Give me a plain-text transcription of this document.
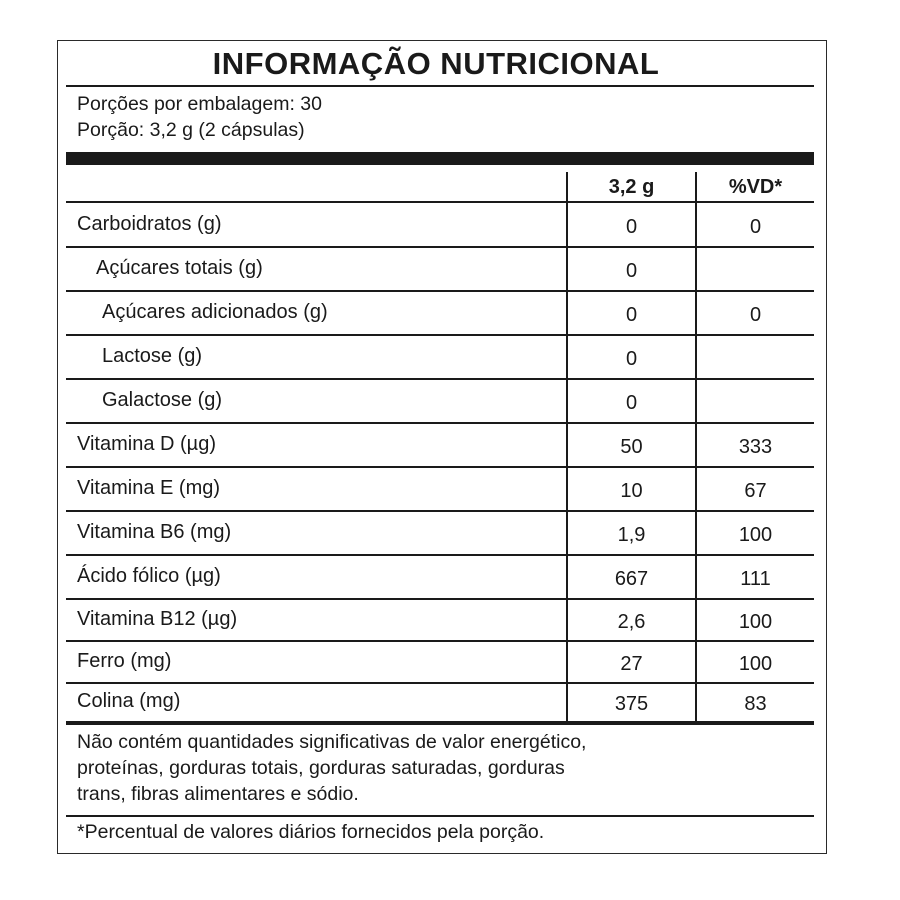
INFORMAÇÃO NUTRICIONAL
Porções por embalagem: 30
Porção: 3,2 g (2 cápsulas)
3,2 g	%VD*
Não contém quantidades significativas de valor energético,
proteínas, gorduras totais, gorduras saturadas, gorduras
trans, fibras alimentares e sódio.
*Percentual de valores diários fornecidos pela porção.
Carboidratos (g)	0	0
Açúcares totais (g)	0
Açúcares adicionados (g)	0	0
Lactose (g)	0
Galactose (g)	0
Vitamina D (µg)	50	333
Vitamina E (mg)	10	67
Vitamina B6 (mg)	1,9	100
Ácido fólico (µg)	667	111
Vitamina B12 (µg)	2,6	100
Ferro (mg)	27	100
Colina (mg)	375	83
